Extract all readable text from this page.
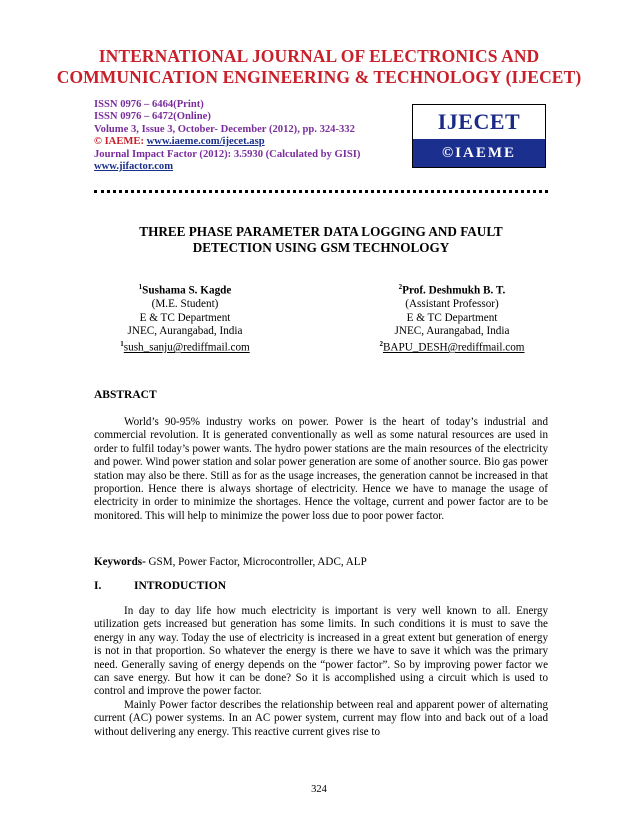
INTERNATIONAL JOURNAL OF ELECTRONICS AND
COMMUNICATION ENGINEERING & TECHNOLOGY (IJECET)
ISSN 0976 – 6464(Print)
ISSN 0976 – 6472(Online)
Volume 3, Issue 3, October- December (2012), pp. 324-332
© IAEME: www.iaeme.com/ijecet.asp
Journal Impact Factor (2012): 3.5930 (Calculated by GISI)
www.jifactor.com
IJECET
©IAEME
THREE PHASE PARAMETER DATA LOGGING AND FAULT
DETECTION USING GSM TECHNOLOGY
$^1$Sushama S. Kagde
(M.E. Student)
E & TC Department
JNEC, Aurangabad, India
$^1$sush_sanju@rediffmail.com
$^2$Prof. Deshmukh B. T.
(Assistant Professor)
E & TC Department
JNEC, Aurangabad, India
$^2$BAPU_DESH@rediffmail.com
ABSTRACT
World’s 90-95% industry works on power. Power is the heart of today’s industrial and commercial revolution. It is generated conventionally as well as some natural resources are used in order to fulfil today’s power wants. The hydro power stations are the main resources of the electricity and power. Wind power station and solar power generation are some of another source. Bio gas power station may also be there. Still as for as the usage increases, the generation cannot be increased in that proportion. Hence there is always shortage of electricity. Hence we have to manage the usage of electricity in order to minimize the shortages. Hence the voltage, current and power factor are to be monitored. This will help to minimize the power loss due to poor power factor.
Keywords- GSM, Power Factor, Microcontroller, ADC, ALP
I.	INTRODUCTION
In day to day life how much electricity is important is very well known to all. Energy utilization gets increased but generation has some limits. In such conditions it is must to save the energy in any way. Today the use of electricity is increased in a great extent but generation of energy is not in that proportion. So whatever the energy is there we have to save it which was the primary need. Generally saving of energy depends on the “power factor”. So by improving power factor we can save energy. But how it can be done? So it is accomplished using a circuit which is used to control and improve the power factor.
Mainly Power factor describes the relationship between real and apparent power of alternating current (AC) power systems. In an AC power system, current may flow into and back out of a load without delivering any energy. This reactive current gives rise to
324
